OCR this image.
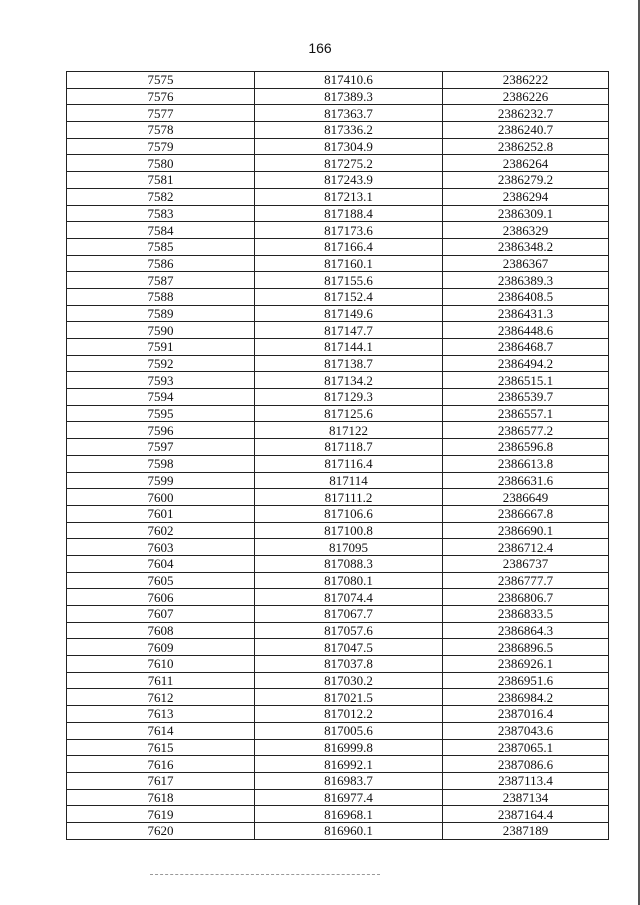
166
7575	817410.6	2386222
7576	817389.3	2386226
7577	817363.7	2386232.7
7578	817336.2	2386240.7
7579	817304.9	2386252.8
7580	817275.2	2386264
7581	817243.9	2386279.2
7582	817213.1	2386294
7583	817188.4	2386309.1
7584	817173.6	2386329
7585	817166.4	2386348.2
7586	817160.1	2386367
7587	817155.6	2386389.3
7588	817152.4	2386408.5
7589	817149.6	2386431.3
7590	817147.7	2386448.6
7591	817144.1	2386468.7
7592	817138.7	2386494.2
7593	817134.2	2386515.1
7594	817129.3	2386539.7
7595	817125.6	2386557.1
7596	817122	2386577.2
7597	817118.7	2386596.8
7598	817116.4	2386613.8
7599	817114	2386631.6
7600	817111.2	2386649
7601	817106.6	2386667.8
7602	817100.8	2386690.1
7603	817095	2386712.4
7604	817088.3	2386737
7605	817080.1	2386777.7
7606	817074.4	2386806.7
7607	817067.7	2386833.5
7608	817057.6	2386864.3
7609	817047.5	2386896.5
7610	817037.8	2386926.1
7611	817030.2	2386951.6
7612	817021.5	2386984.2
7613	817012.2	2387016.4
7614	817005.6	2387043.6
7615	816999.8	2387065.1
7616	816992.1	2387086.6
7617	816983.7	2387113.4
7618	816977.4	2387134
7619	816968.1	2387164.4
7620	816960.1	2387189
